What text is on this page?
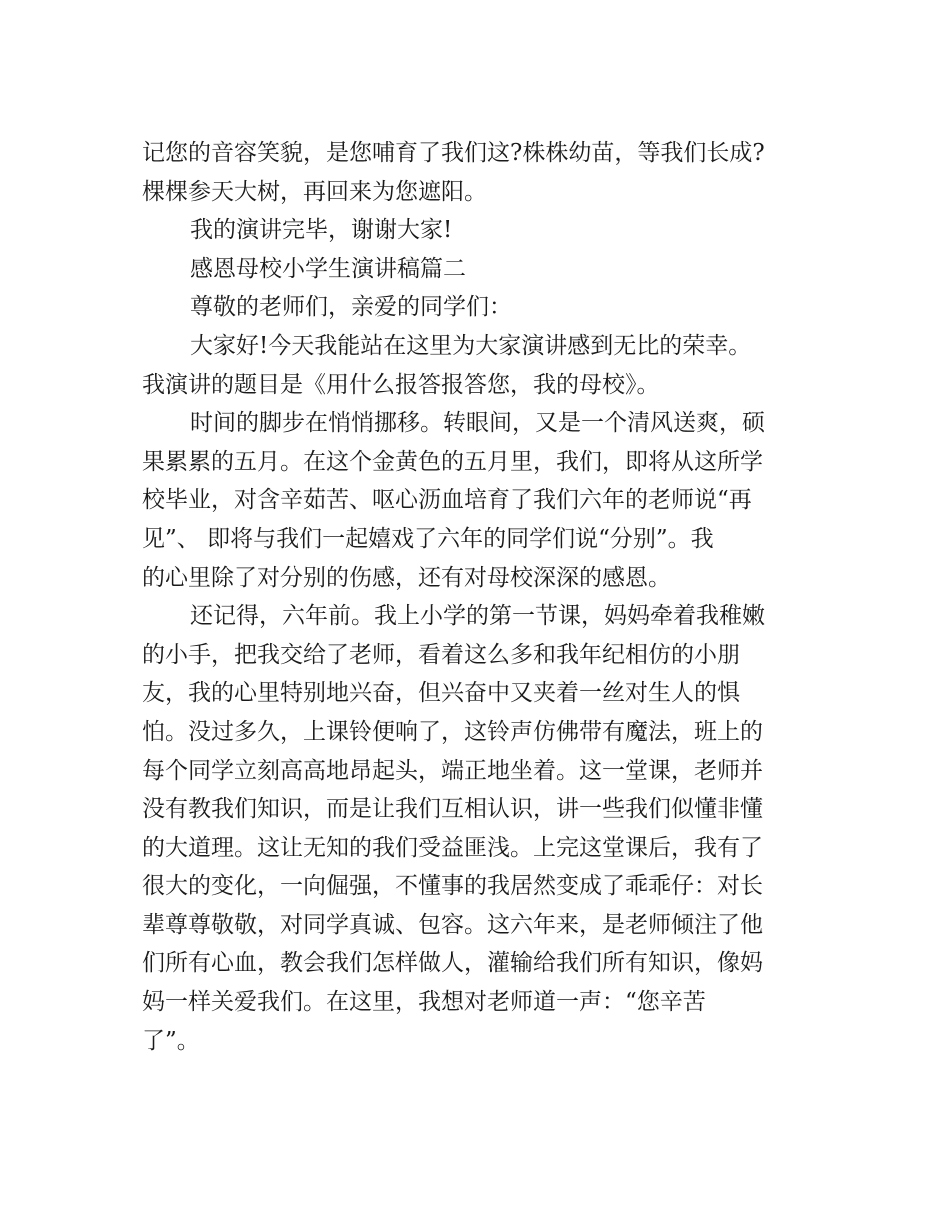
记您的音容笑貌，是您哺育了我们这?株株幼苗，等我们长成?
棵棵参天大树，再回来为您遮阳。
我的演讲完毕，谢谢大家!
感恩母校小学生演讲稿篇二
尊敬的老师们，亲爱的同学们：
大家好!今天我能站在这里为大家演讲感到无比的荣幸。
我演讲的题目是《用什么报答报答您，我的母校》。
时间的脚步在悄悄挪移。转眼间，又是一个清风送爽，硕
果累累的五月。在这个金黄色的五月里，我们，即将从这所学
校毕业，对含辛茹苦、呕心沥血培育了我们六年的老师说“再
见”、 即将与我们一起嬉戏了六年的同学们说“分别”。我
的心里除了对分别的伤感，还有对母校深深的感恩。
还记得，六年前。我上小学的第一节课，妈妈牵着我稚嫩
的小手，把我交给了老师，看着这么多和我年纪相仿的小朋
友，我的心里特别地兴奋，但兴奋中又夹着一丝对生人的惧
怕。没过多久，上课铃便响了，这铃声仿佛带有魔法，班上的
每个同学立刻高高地昂起头，端正地坐着。这一堂课，老师并
没有教我们知识，而是让我们互相认识，讲一些我们似懂非懂
的大道理。这让无知的我们受益匪浅。上完这堂课后，我有了
很大的变化，一向倔强，不懂事的我居然变成了乖乖仔：对长
辈尊尊敬敬，对同学真诚、包容。这六年来，是老师倾注了他
们所有心血，教会我们怎样做人，灌输给我们所有知识，像妈
妈一样关爱我们。在这里，我想对老师道一声：“您辛苦
了”。
